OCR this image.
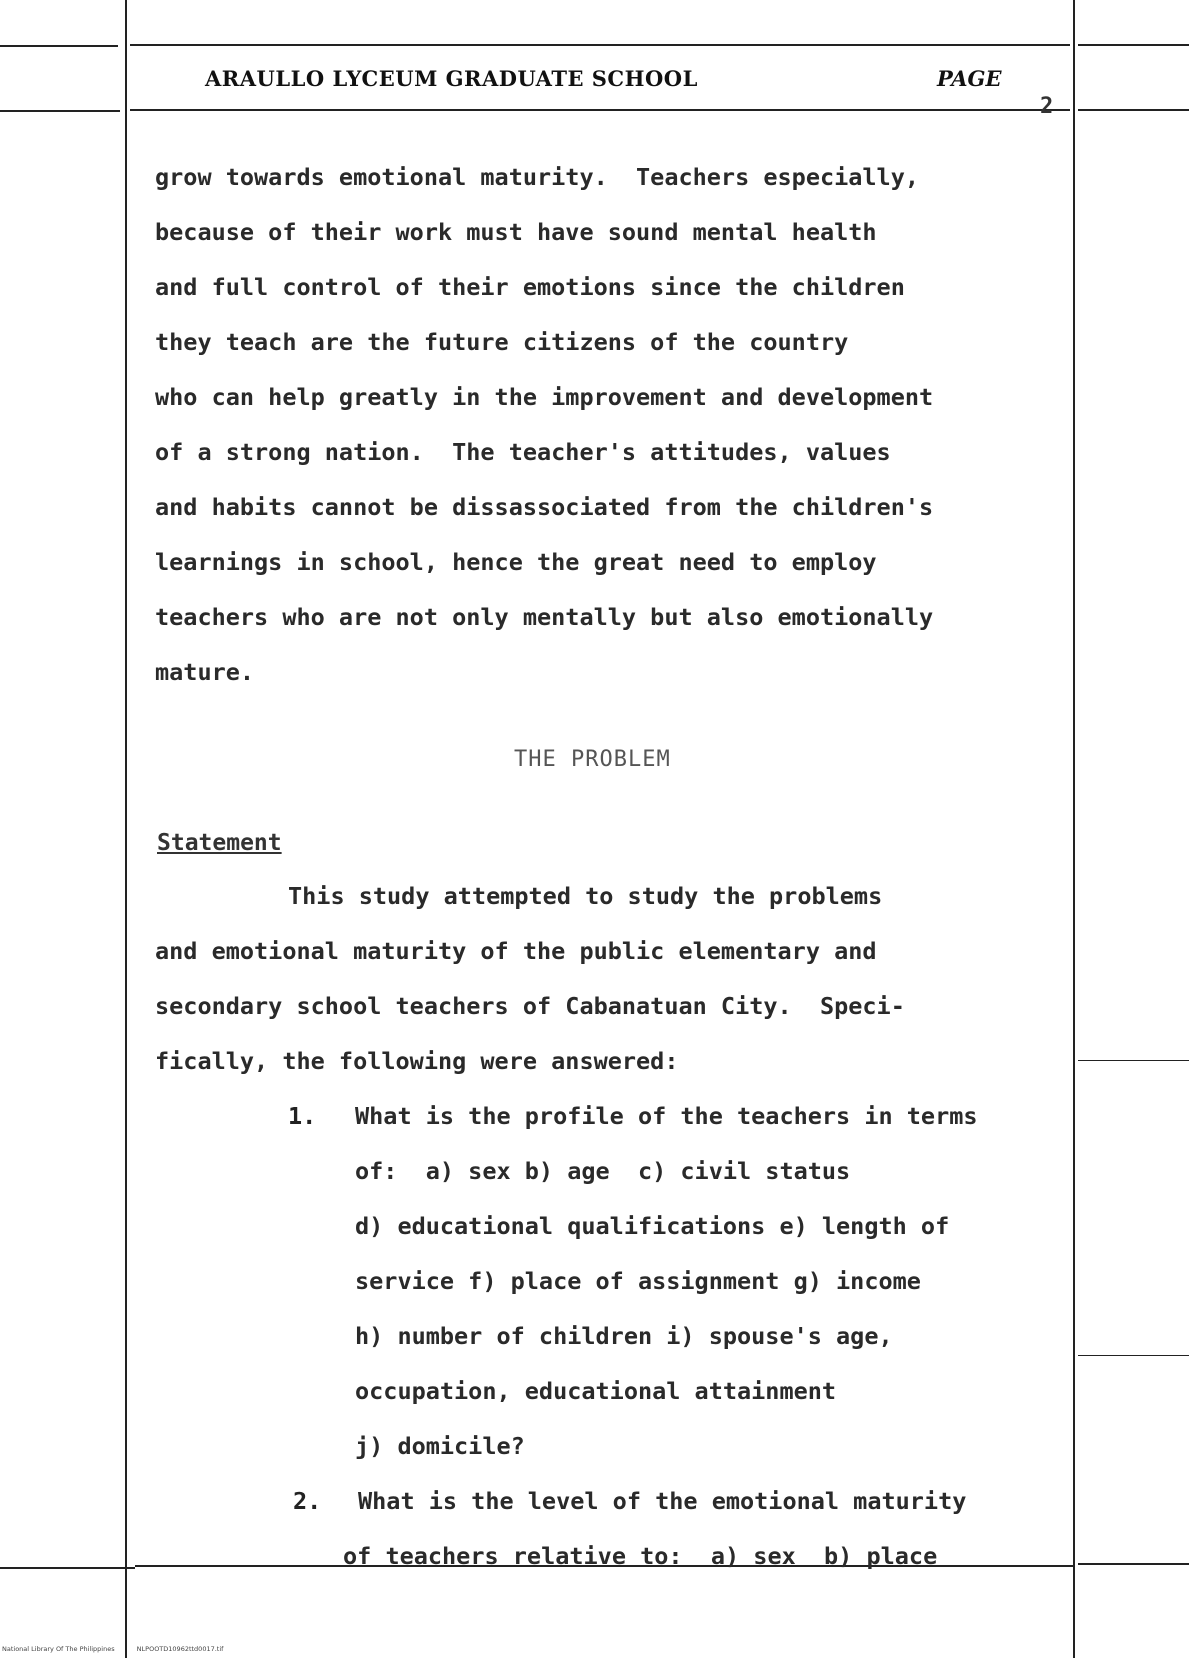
ARAULLO LYCEUM GRADUATE SCHOOL	PAGE
2

grow towards emotional maturity.  Teachers especially,

because of their work must have sound mental health

and full control of their emotions since the children

they teach are the future citizens of the country

who can help greatly in the improvement and development

of a strong nation.  The teacher's attitudes, values

and habits cannot be dissassociated from the children's

learnings in school, hence the great need to employ

teachers who are not only mentally but also emotionally

mature.

This study attempted to study the problems

and emotional maturity of the public elementary and

secondary school teachers of Cabanatuan City.  Speci-

fically, the following were answered:

1.

What is the profile of the teachers in terms

of:  a) sex b) age  c) civil status

d) educational qualifications e) length of

service f) place of assignment g) income

h) number of children i) spouse's age,

occupation, educational attainment

j) domicile?

2.

What is the level of the emotional maturity

of teachers relative to:  a) sex  b) place

THE PROBLEM
Statement
National Library Of The Philippines	NLPOOTD10962ttd0017.tif
